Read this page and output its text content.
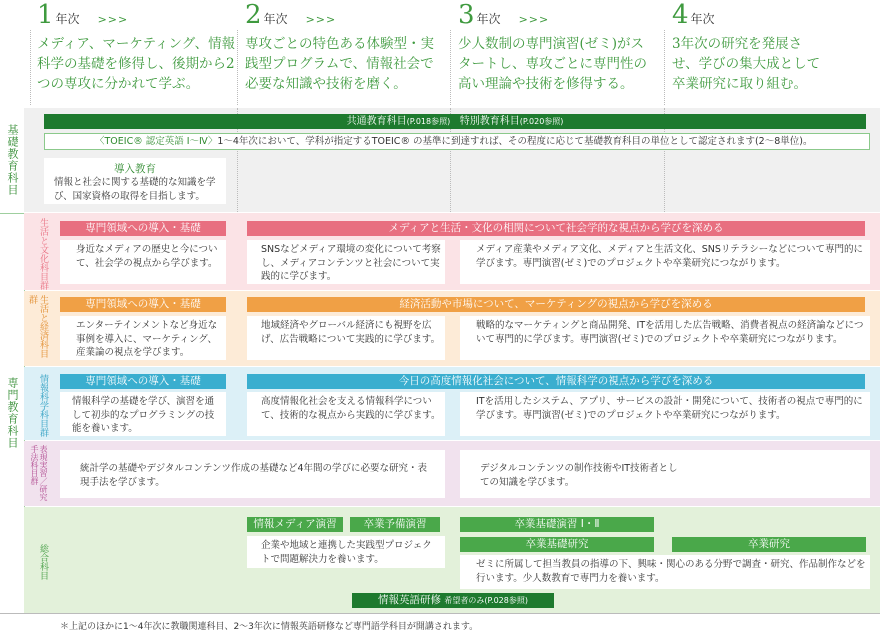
1 年次 >>>	2 年次 >>>	3 年次 >>>	4 年次
メディア、マーケティング、情報科学の基礎を修得し、後期から2つの専攻に分かれて学ぶ。
専攻ごとの特色ある体験型・実践型プログラムで、情報社会で必要な知識や技術を磨く。
少人数制の専門演習(ゼミ)がスタートし、専攻ごとに専門性の高い理論や技術を修得する。
3年次の研究を発展させ、学びの集大成として卒業研究に取り組む。
基礎教育科目
共通教育科目(P.018参照) 特別教育科目(P.020参照)
〈TOEIC® 認定英語 Ⅰ〜Ⅳ〉1〜4年次において、学科が指定するTOEIC® の基準に到達すれば、その程度に応じて基礎教育科目の単位として認定されます(2〜8単位)。
導入教育
情報と社会に関する基礎的な知識を学び、国家資格の取得を目指します。
専門教育科目
生活と文化科目群	専門領域への導入・基礎	メディアと生活・文化の相関について社会学的な視点から学びを深める
身近なメディアの歴史と今について、社会学の視点から学びます。
SNSなどメディア環境の変化について考察し、メディアコンテンツと社会について実践的に学びます。
メディア産業やメディア文化、メディアと生活文化、SNSリテラシーなどについて専門的に学びます。専門演習(ゼミ)でのプロジェクトや卒業研究につながります。
生活と経済科目群	専門領域への導入・基礎	経済活動や市場について、マーケティングの視点から学びを深める
エンターテインメントなど身近な事例を導入に、マーケティング、産業論の視点を学びます。
地域経済やグローバル経済にも視野を広げ、広告戦略について実践的に学びます。
戦略的なマーケティングと商品開発、ITを活用した広告戦略、消費者視点の経済論などについて専門的に学びます。専門演習(ゼミ)でのプロジェクトや卒業研究につながります。
情報科学科目群	専門領域への導入・基礎	今日の高度情報化社会について、情報科学の視点から学びを深める
情報科学の基礎を学び、演習を通して初歩的なプログラミングの技能を養います。
高度情報化社会を支える情報科学について、技術的な視点から実践的に学びます。
ITを活用したシステム、アプリ、サービスの設計・開発について、技術者の視点で専門的に学びます。専門演習(ゼミ)でのプロジェクトや卒業研究につながります。
表現実習／研究手法科目群	統計学の基礎やデジタルコンテンツ作成の基礎など4年間の学びに必要な研究・表現手法を学びます。
デジタルコンテンツの制作技術やIT技術者としての知識を学びます。
総合科目
情報メディア演習	卒業予備演習
企業や地域と連携した実践型プロジェクトで問題解決力を養います。
卒業基礎演習 Ⅰ・Ⅱ
卒業基礎研究	卒業研究
ゼミに所属して担当教員の指導の下、興味・関心のある分野で調査・研究、作品制作などを行います。少人数教育で専門力を養います。
情報英語研修 希望者のみ(P.028参照)
＊上記のほかに1〜4年次に教職関連科目、2〜3年次に情報英語研修など専門語学科目が開講されます。
